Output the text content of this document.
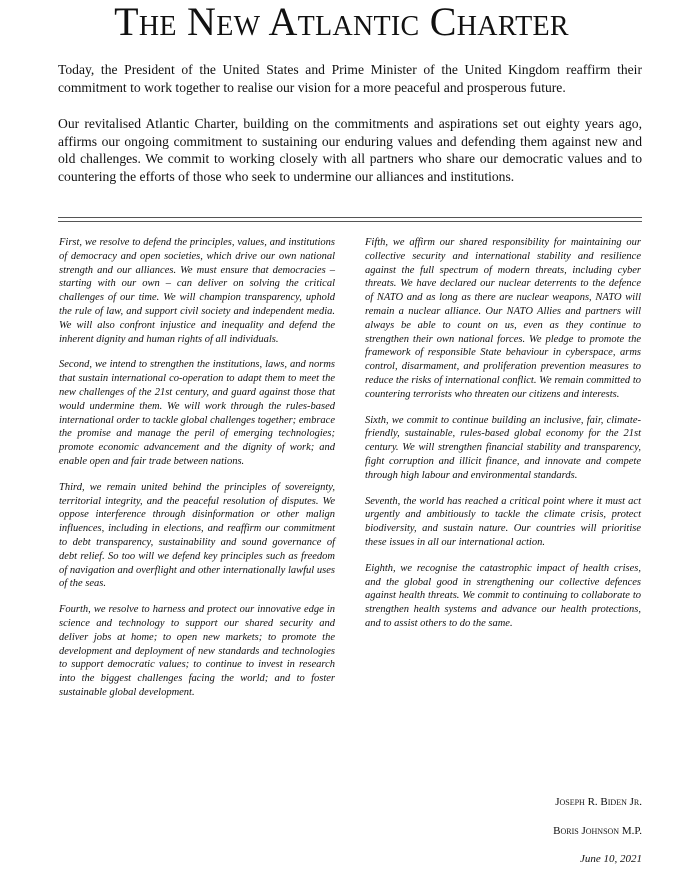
The New Atlantic Charter
Today, the President of the United States and Prime Minister of the United Kingdom reaffirm their commitment to work together to realise our vision for a more peaceful and prosperous future.
Our revitalised Atlantic Charter, building on the commitments and aspirations set out eighty years ago, affirms our ongoing commitment to sustaining our enduring values and defending them against new and old challenges. We commit to working closely with all partners who share our democratic values and to countering the efforts of those who seek to undermine our alliances and institutions.

First, we resolve to defend the principles, values, and institutions of democracy and open societies, which drive our own national strength and our alliances. We must ensure that democracies – starting with our own – can deliver on solving the critical challenges of our time. We will champion transparency, uphold the rule of law, and support civil society and independent media. We will also confront injustice and inequality and defend the inherent dignity and human rights of all individuals.

Second, we intend to strengthen the institutions, laws, and norms that sustain international co-operation to adapt them to meet the new challenges of the 21st century, and guard against those that would undermine them. We will work through the rules-based international order to tackle global challenges together; embrace the promise and manage the peril of emerging technologies; promote economic advancement and the dignity of work; and enable open and fair trade between nations.

Third, we remain united behind the principles of sovereignty, territorial integrity, and the peaceful resolution of disputes. We oppose interference through disinformation or other malign influences, including in elections, and reaffirm our commitment to debt transparency, sustainability and sound governance of debt relief. So too will we defend key principles such as freedom of navigation and overflight and other internationally lawful uses of the seas.

Fourth, we resolve to harness and protect our innovative edge in science and technology to support our shared security and deliver jobs at home; to open new markets; to promote the development and deployment of new standards and technologies to support democratic values; to continue to invest in research into the biggest challenges facing the world; and to foster sustainable global development.

Fifth, we affirm our shared responsibility for maintaining our collective security and international stability and resilience against the full spectrum of modern threats, including cyber threats. We have declared our nuclear deterrents to the defence of NATO and as long as there are nuclear weapons, NATO will remain a nuclear alliance. Our NATO Allies and partners will always be able to count on us, even as they continue to strengthen their own national forces. We pledge to promote the framework of responsible State behaviour in cyberspace, arms control, disarmament, and proliferation prevention measures to reduce the risks of international conflict. We remain committed to countering terrorists who threaten our citizens and interests.

Sixth, we commit to continue building an inclusive, fair, climate-friendly, sustainable, rules-based global economy for the 21st century. We will strengthen financial stability and transparency, fight corruption and illicit finance, and innovate and compete through high labour and environmental standards.

Seventh, the world has reached a critical point where it must act urgently and ambitiously to tackle the climate crisis, protect biodiversity, and sustain nature. Our countries will prioritise these issues in all our international action.

Eighth, we recognise the catastrophic impact of health crises, and the global good in strengthening our collective defences against health threats. We commit to continuing to collaborate to strengthen health systems and advance our health protections, and to assist others to do the same.

Joseph R. Biden Jr.
Boris Johnson M.P.
June 10, 2021
